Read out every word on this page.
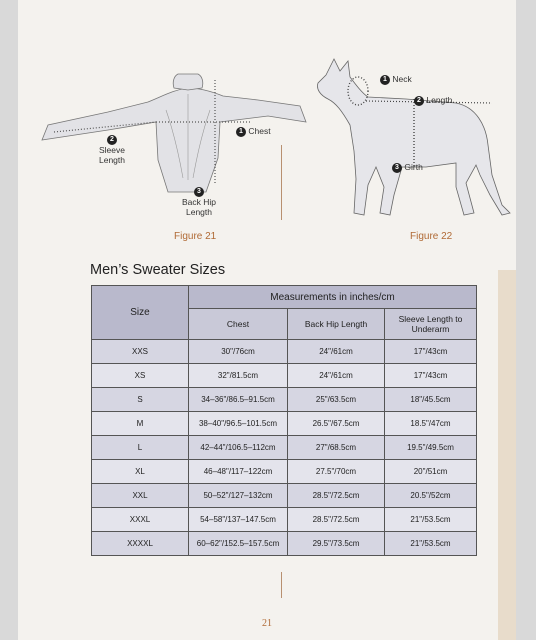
1 Chest
2
Sleeve Length
3
Back Hip Length
Figure 21
1 Neck
2 Length
3 Girth
Figure 22
Men’s Sweater Sizes
Size	Measurements in inches/cm		
	Chest	Back Hip Length	Sleeve Length to Underarm
XXS	30"/76cm	24"/61cm	17"/43cm
XS	32"/81.5cm	24"/61cm	17"/43cm
S	34–36"/86.5–91.5cm	25"/63.5cm	18"/45.5cm
M	38–40"/96.5–101.5cm	26.5"/67.5cm	18.5"/47cm
L	42–44"/106.5–112cm	27"/68.5cm	19.5"/49.5cm
XL	46–48"/117–122cm	27.5"/70cm	20"/51cm
XXL	50–52"/127–132cm	28.5"/72.5cm	20.5"/52cm
XXXL	54–58"/137–147.5cm	28.5"/72.5cm	21"/53.5cm
XXXXL	60–62"/152.5–157.5cm	29.5"/73.5cm	21"/53.5cm
21
